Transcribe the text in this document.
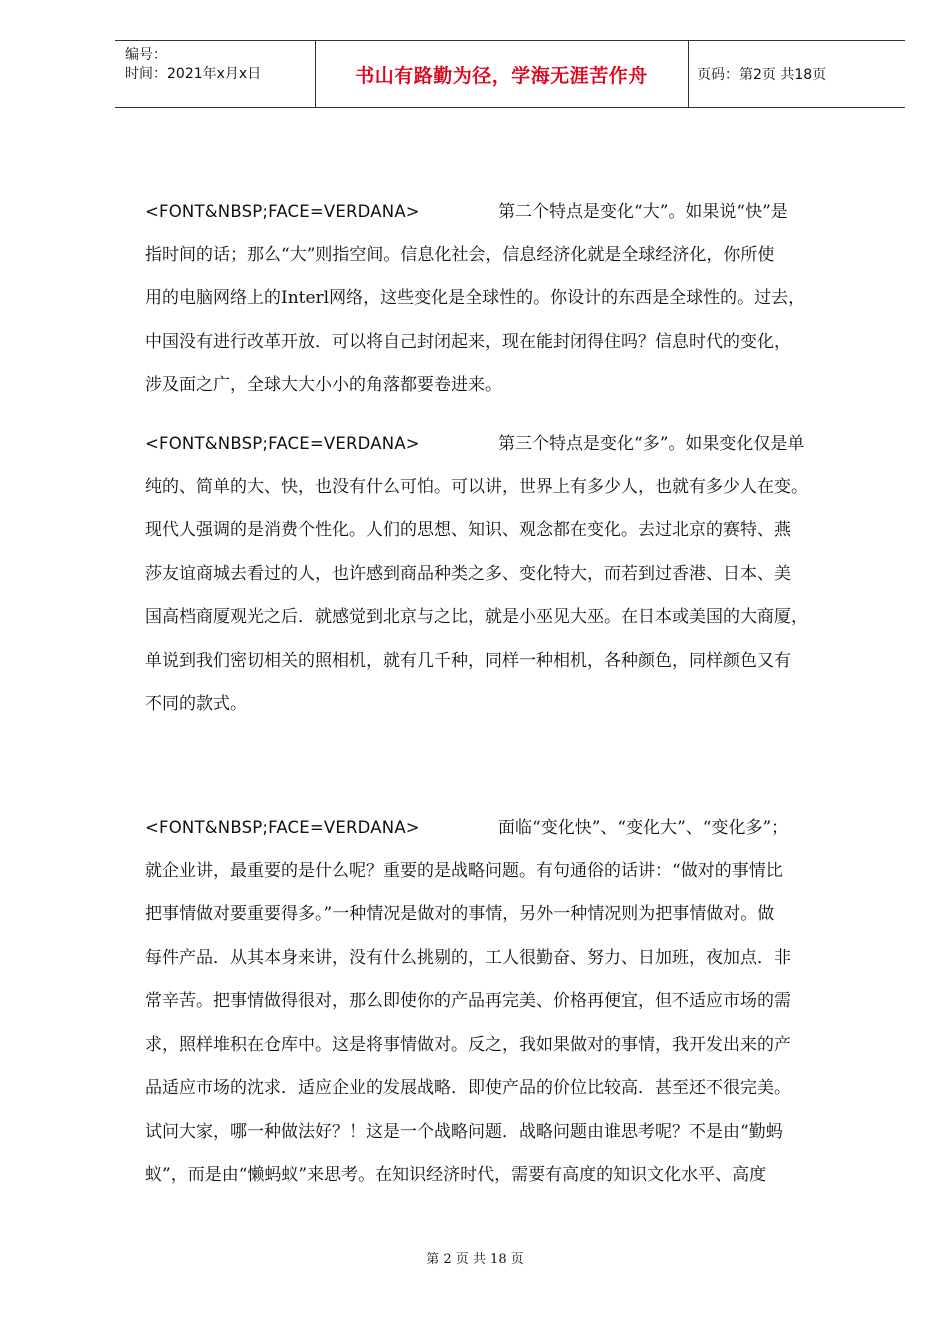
编号：
时间：2021年x月x日	书山有路勤为径，学海无涯苦作舟	页码：第2页 共18页
<FONT&NBSP;FACE=VERDANA>	第二个特点是变化“大”。如果说“快”是
指时间的话；那么“大”则指空间。信息化社会，信息经济化就是全球经济化，你所使
用的电脑网络上的Interl网络，这些变化是全球性的。你设计的东西是全球性的。过去，
中国没有进行改革开放．可以将自己封闭起来，现在能封闭得住吗？信息时代的变化，
涉及面之广，全球大大小小的角落都要卷进来。
<FONT&NBSP;FACE=VERDANA>	第三个特点是变化“多”。如果变化仅是单
纯的、简单的大、快，也没有什么可怕。可以讲，世界上有多少人，也就有多少人在变。
现代人强调的是消费个性化。人们的思想、知识、观念都在变化。去过北京的赛特、燕
莎友谊商城去看过的人，也许感到商品种类之多、变化特大，而若到过香港、日本、美
国高档商厦观光之后．就感觉到北京与之比，就是小巫见大巫。在日本或美国的大商厦，
单说到我们密切相关的照相机，就有几千种，同样一种相机，各种颜色，同样颜色又有
不同的款式。
<FONT&NBSP;FACE=VERDANA>	面临“变化快”、“变化大”、“变化多”；
就企业讲，最重要的是什么呢？重要的是战略问题。有句通俗的话讲：“做对的事情比
把事情做对要重要得多。”一种情况是做对的事情，另外一种情况则为把事情做对。做
每件产品．从其本身来讲，没有什么挑剔的，工人很勤奋、努力、日加班，夜加点．非
常辛苦。把事情做得很对，那么即使你的产品再完美、价格再便宜，但不适应市场的需
求，照样堆积在仓库中。这是将事情做对。反之，我如果做对的事情，我开发出来的产
品适应市场的沈求．适应企业的发展战略．即使产品的价位比较高．甚至还不很完美。
试问大家，哪一种做法好？！这是一个战略问题．战略问题由谁思考呢？不是由“勤蚂
蚁”，而是由“懒蚂蚁”来思考。在知识经济时代，需要有高度的知识文化水平、高度
第 2 页 共 18 页
